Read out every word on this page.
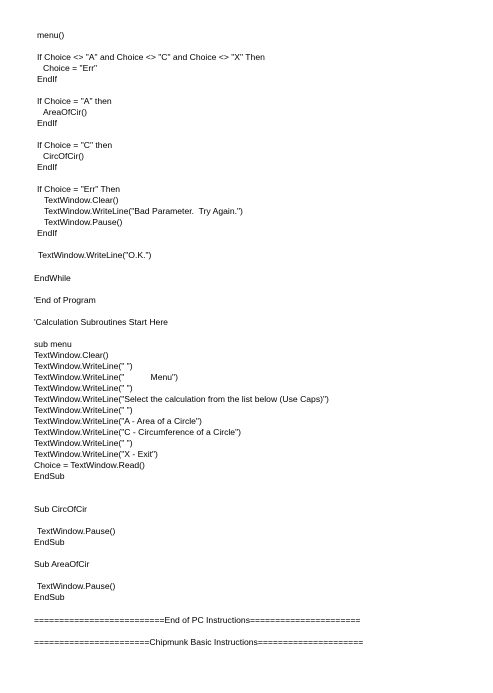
menu()
If Choice <> "A" and Choice <> "C" and Choice <> "X" Then
Choice = "Err"
EndIf
If Choice = "A" then
AreaOfCir()
EndIf
If Choice = "C" then
CircOfCir()
EndIf
If Choice = "Err" Then
TextWindow.Clear()
TextWindow.WriteLine("Bad Parameter.  Try Again.")
TextWindow.Pause()
EndIf
TextWindow.WriteLine("O.K.")
EndWhile
'End of Program
'Calculation Subroutines Start Here
sub menu
TextWindow.Clear()
TextWindow.WriteLine(" ")
TextWindow.WriteLine("           Menu")
TextWindow.WriteLine(" ")
TextWindow.WriteLine("Select the calculation from the list below (Use Caps)")
TextWindow.WriteLine(" ")
TextWindow.WriteLine("A - Area of a Circle")
TextWindow.WriteLine("C - Circumference of a Circle")
TextWindow.WriteLine(" ")
TextWindow.WriteLine("X - Exit")
Choice = TextWindow.Read()
EndSub
Sub CircOfCir
TextWindow.Pause()
EndSub
Sub AreaOfCir
TextWindow.Pause()
EndSub
==========================End of PC Instructions======================
=======================Chipmunk Basic Instructions=====================
